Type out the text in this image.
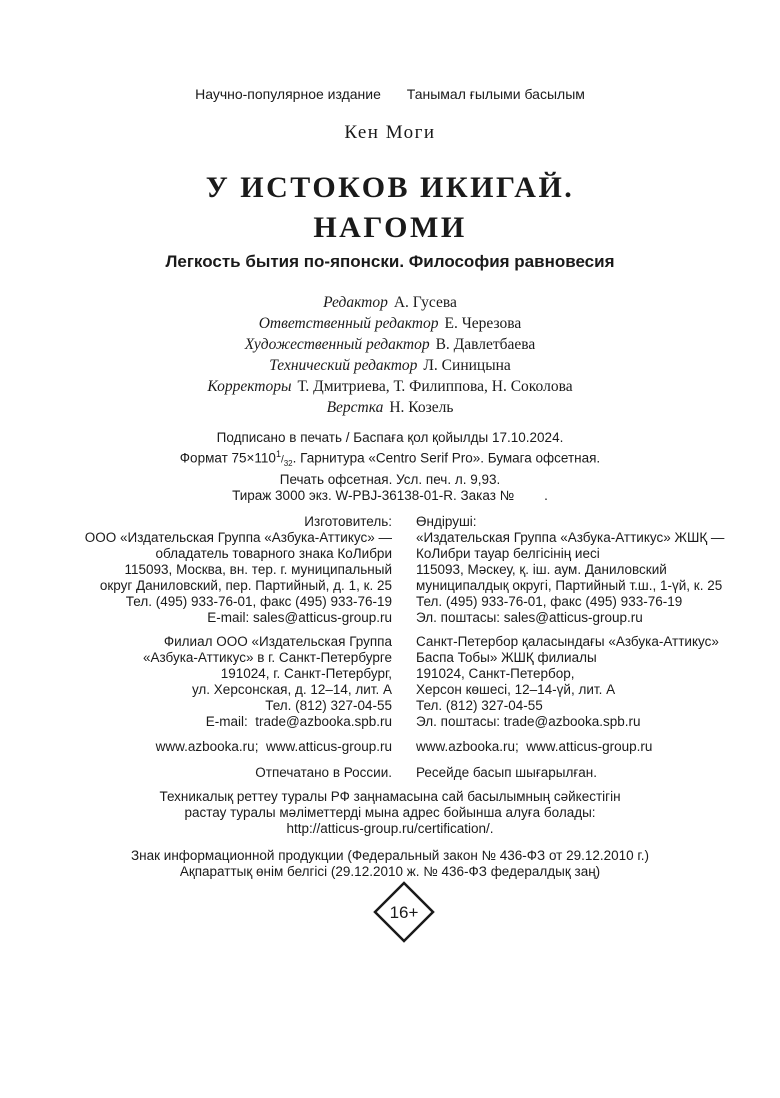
Научно-популярное издание Танымал ғылыми басылым
Кен Моги
У ИСТОКОВ ИКИГАЙ.
НАГОМИ
Легкость бытия по-японски. Философия равновесия
Редактор А. Гусева
Ответственный редактор Е. Черезова
Художественный редактор В. Давлетбаева
Технический редактор Л. Синицына
Корректоры Т. Дмитриева, Т. Филиппова, Н. Соколова
Верстка Н. Козель
Подписано в печать / Баспаға қол қойылды 17.10.2024.
Формат $75\times 110^1/_{32}$. Гарнитура «Centro Serif Pro». Бумага офсетная.
Печать офсетная. Усл. печ. л. 9,93.
Тираж 3000 экз. W-PBJ-36138-01-R. Заказ №        .

Изготовитель:

ООО «Издательская Группа «Азбука-Аттикус» —

обладатель товарного знака КоЛибри

115093, Москва, вн. тер. г. муниципальный

округ Даниловский, пер. Партийный, д. 1, к. 25

Тел. (495) 933-76-01, факс (495) 933-76-19

E-mail: sales@atticus-group.ru

Өндіруші:

«Издательская Группа «Азбука-Аттикус» ЖШҚ —

КоЛибри тауар белгісінің иесі

115093, Мәскеу, қ. іш. аум. Даниловский

муниципалдық округі, Партийный т.ш., 1-үй, к. 25

Тел. (495) 933-76-01, факс (495) 933-76-19

Эл. поштасы: sales@atticus-group.ru

Филиал ООО «Издательская Группа

«Азбука-Аттикус» в г. Санкт-Петербурге

191024, г. Санкт-Петербург,

ул. Херсонская, д. 12–14, лит. А

Тел. (812) 327-04-55

E-mail:  trade@azbooka.spb.ru

Санкт-Петербор қаласындағы «Азбука-Аттикус»

Баспа Тобы» ЖШҚ филиалы

191024, Санкт-Петербор,

Херсон көшесі, 12–14-үй, лит. А

Тел. (812) 327-04-55

Эл. поштасы: trade@azbooka.spb.ru

www.azbooka.ru;  www.atticus-group.ru www.azbooka.ru;  www.atticus-group.ru
Отпечатано в России. Ресейде басып шығарылған.
Техникалық реттеу туралы РФ заңнамасына сай басылымның сәйкестігін
растау туралы мәліметтерді мына адрес бойынша алуға болады:
http://atticus-group.ru/certification/.
Знак информационной продукции (Федеральный закон № 436-ФЗ от 29.12.2010 г.)
Ақпараттық өнім белгісі (29.12.2010 ж. № 436-ФЗ федералдық заң)
16+
